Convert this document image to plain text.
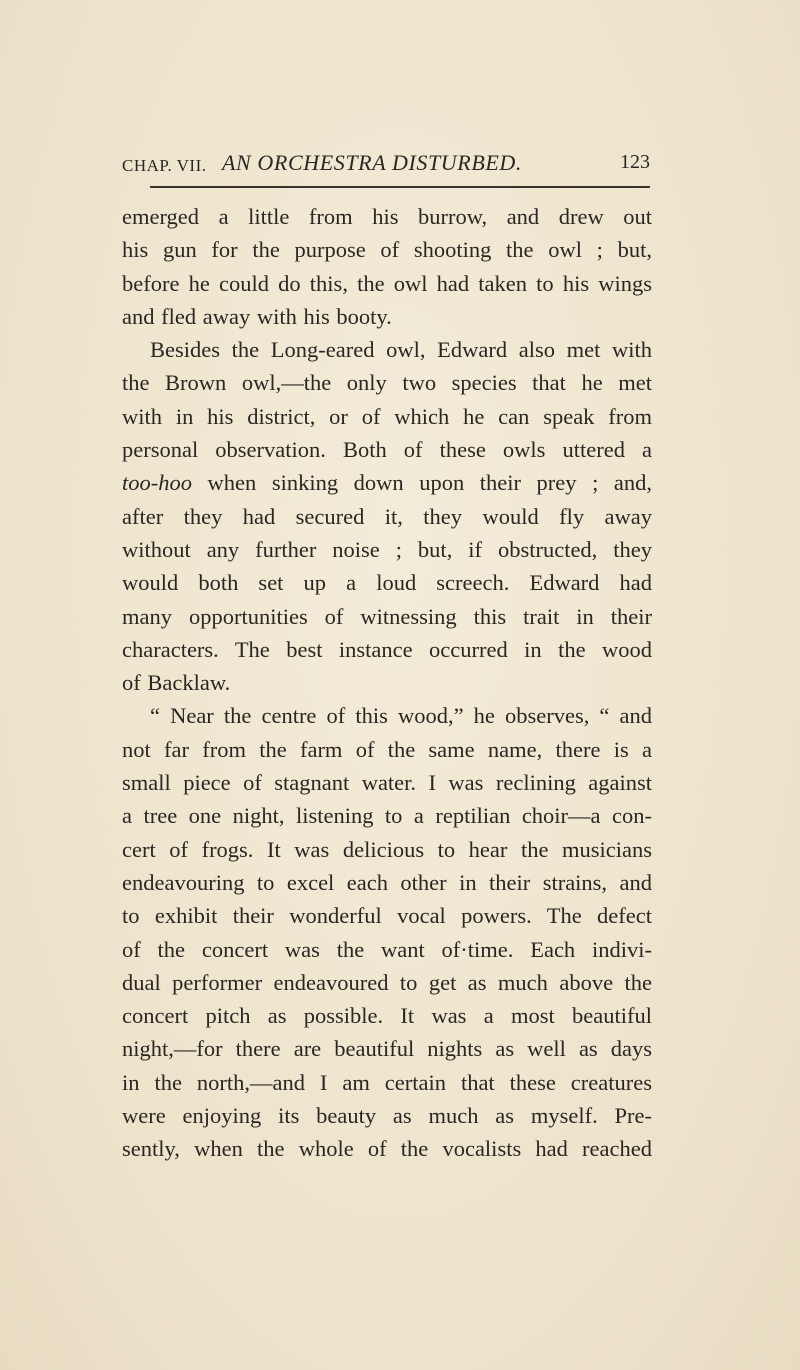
CHAP. VII. AN ORCHESTRA DISTURBED.	123
emerged a little from his burrow, and drew out
his gun for the purpose of shooting the owl ; but,
before he could do this, the owl had taken to his wings
and fled away with his booty.
Besides the Long-eared owl, Edward also met with
the Brown owl,—the only two species that he met
with in his district, or of which he can speak from
personal observation. Both of these owls uttered a
too-hoo when sinking down upon their prey ; and,
after they had secured it, they would fly away
without any further noise ; but, if obstructed, they
would both set up a loud screech. Edward had
many opportunities of witnessing this trait in their
characters. The best instance occurred in the wood
of Backlaw.
“ Near the centre of this wood,” he observes, “ and
not far from the farm of the same name, there is a
small piece of stagnant water. I was reclining against
a tree one night, listening to a reptilian choir—a con-
cert of frogs. It was delicious to hear the musicians
endeavouring to excel each other in their strains, and
to exhibit their wonderful vocal powers. The defect
of the concert was the want of·time. Each indivi-
dual performer endeavoured to get as much above the
concert pitch as possible. It was a most beautiful
night,—for there are beautiful nights as well as days
in the north,—and I am certain that these creatures
were enjoying its beauty as much as myself. Pre-
sently, when the whole of the vocalists had reached
